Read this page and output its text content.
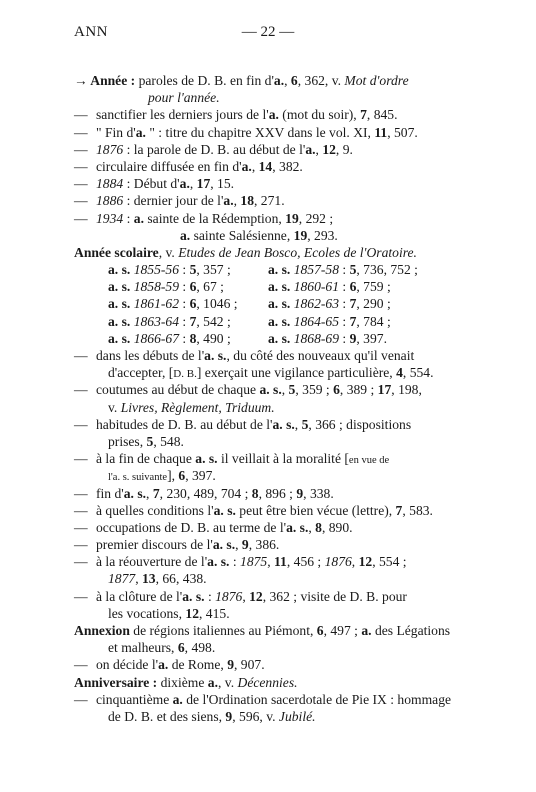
ANN	— 22 —
→ Année : paroles de D. B. en fin d'a., 6, 362, v. Mot d'ordre
pour l'année.
—sanctifier les derniers jours de l'a. (mot du soir), 7, 845.
—" Fin d'a. " : titre du chapitre XXV dans le vol. XI, 11, 507.
—1876 : la parole de D. B. au début de l'a., 12, 9.
—circulaire diffusée en fin d'a., 14, 382.
—1884 : Début d'a., 17, 15.
—1886 : dernier jour de l'a., 18, 271.
—1934 : a. sainte de la Rédemption, 19, 292 ;
a. sainte Salésienne, 19, 293.
Année scolaire, v. Etudes de Jean Bosco, Ecoles de l'Oratoire.
a. s. 1855-56 : 5, 357 ;	a. s. 1857-58 : 5, 736, 752 ;
a. s. 1858-59 : 6, 67 ;	a. s. 1860-61 : 6, 759 ;
a. s. 1861-62 : 6, 1046 ; a. s. 1862-63 : 7, 290 ;
a. s. 1863-64 : 7, 542 ;	a. s. 1864-65 : 7, 784 ;
a. s. 1866-67 : 8, 490 ;	a. s. 1868-69 : 9, 397.
—dans les débuts de l'a. s., du côté des nouveaux qu'il venait
d'accepter, [D. B.] exerçait une vigilance particulière, 4, 554.
—coutumes au début de chaque a. s., 5, 359 ; 6, 389 ; 17, 198,
v. Livres, Règlement, Triduum.
—habitudes de D. B. au début de l'a. s., 5, 366 ; dispositions
prises, 5, 548.
—à la fin de chaque a. s. il veillait à la moralité [en vue de
l'a. s. suivante], 6, 397.
—fin d'a. s., 7, 230, 489, 704 ; 8, 896 ; 9, 338.
—à quelles conditions l'a. s. peut être bien vécue (lettre), 7, 583.
—occupations de D. B. au terme de l'a. s., 8, 890.
—premier discours de l'a. s., 9, 386.
—à la réouverture de l'a. s. : 1875, 11, 456 ; 1876, 12, 554 ;
1877, 13, 66, 438.
—à la clôture de l'a. s. : 1876, 12, 362 ; visite de D. B. pour
les vocations, 12, 415.
Annexion de régions italiennes au Piémont, 6, 497 ; a. des Légations
et malheurs, 6, 498.
—on décide l'a. de Rome, 9, 907.
Anniversaire : dixième a., v. Décennies.
—cinquantième a. de l'Ordination sacerdotale de Pie IX : hommage
de D. B. et des siens, 9, 596, v. Jubilé.
